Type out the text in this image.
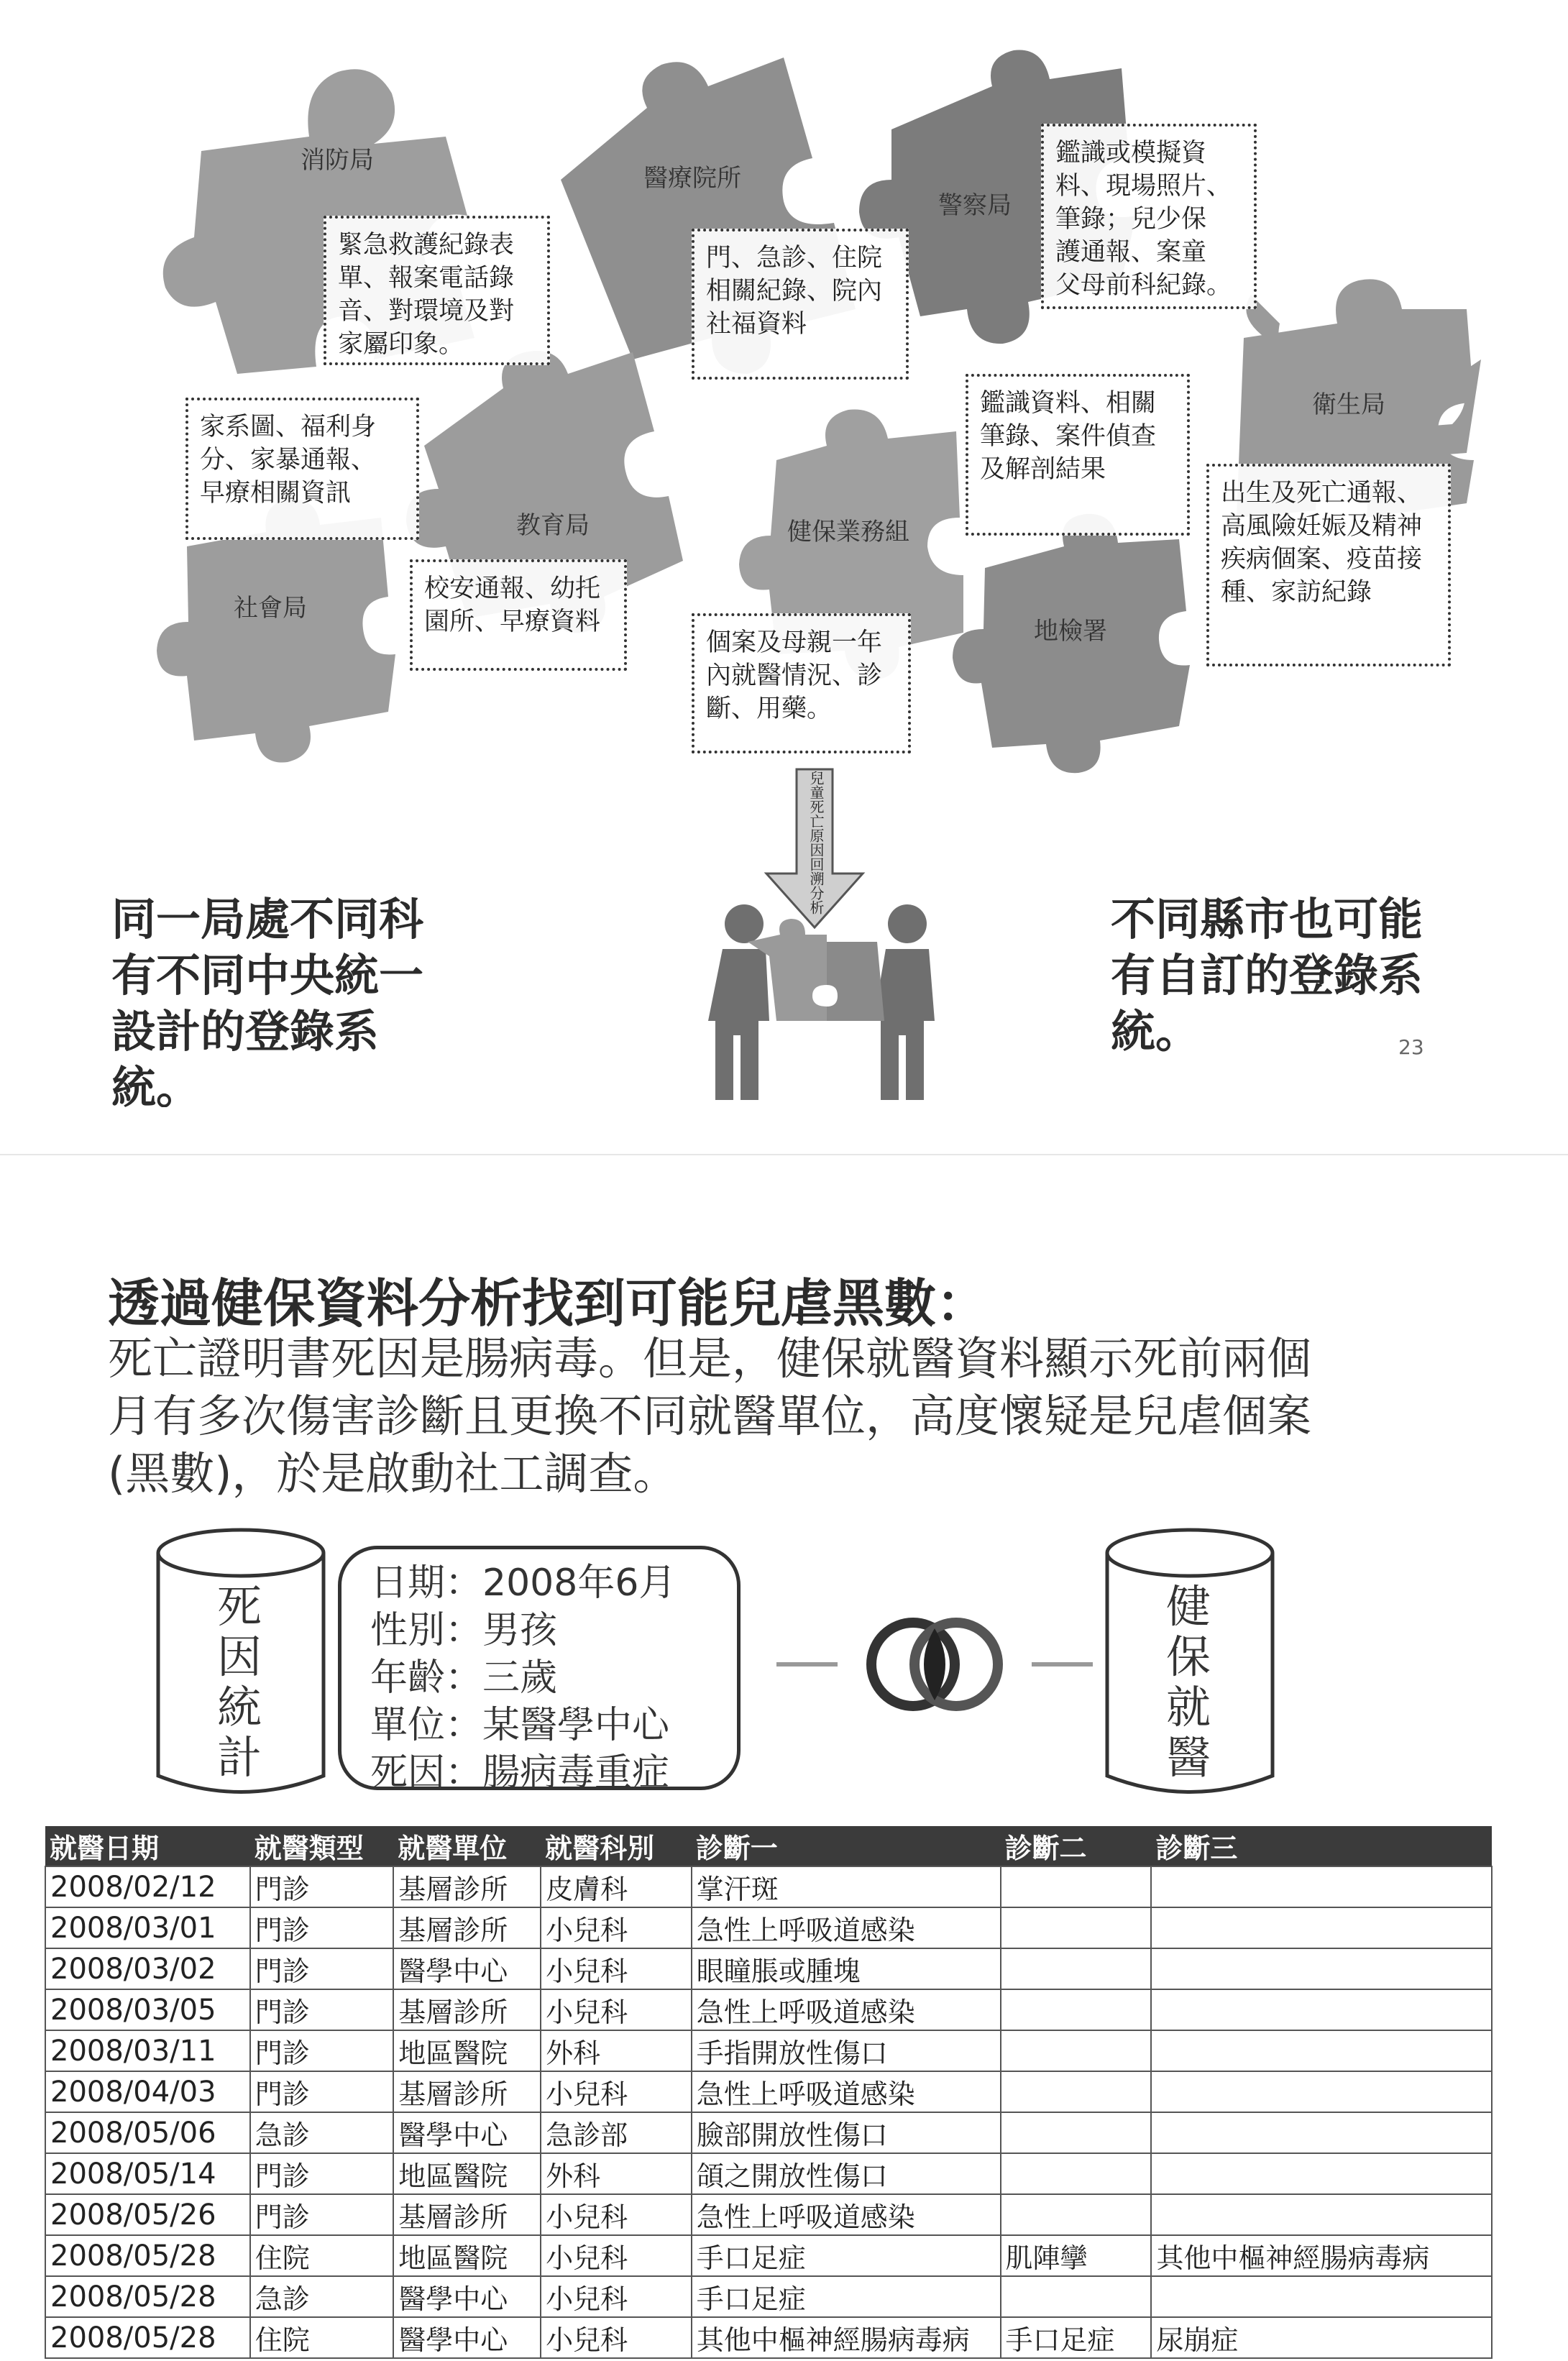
消防局
醫療院所
警察局
衛生局
教育局	健保業務組
社會局
地檢署
緊急救護紀錄表
單、報案電話錄
音、對環境及對
家屬印象。
門、急診、住院
相關紀錄、院內
社福資料
鑑識或模擬資
料、現場照片、
筆錄；兒少保
護通報、案童
父母前科紀錄。
家系圖、福利身
分、家暴通報、
早療相關資訊
校安通報、幼托
園所、早療資料
個案及母親一年
內就醫情況、診
斷、用藥。
鑑識資料、相關
筆錄、案件偵查
及解剖結果
出生及死亡通報、
高風險妊娠及精神
疾病個案、疫苗接
種、家訪紀錄
兒童死亡原因回溯分析
同一局處不同科
有不同中央統一
設計的登錄系
統。
不同縣市也可能
有自訂的登錄系
統。	23
透過健保資料分析找到可能兒虐黑數：
死亡證明書死因是腸病毒。但是，健保就醫資料顯示死前兩個
月有多次傷害診斷且更換不同就醫單位，高度懷疑是兒虐個案
(黑數)，於是啟動社工調查。
死
因
統
計
日期：2008年6月
性別：男孩
年齡：三歲
單位：某醫學中心
死因：腸病毒重症
健
保
就
醫
就醫日期	就醫類型	就醫單位	就醫科別	診斷一	診斷二	診斷三
2008/02/12	門診	基層診所	皮膚科	掌汗斑		
2008/03/01	門診	基層診所	小兒科	急性上呼吸道感染		
2008/03/02	門診	醫學中心	小兒科	眼瞳脹或腫塊		
2008/03/05	門診	基層診所	小兒科	急性上呼吸道感染		
2008/03/11	門診	地區醫院	外科	手指開放性傷口		
2008/04/03	門診	基層診所	小兒科	急性上呼吸道感染		
2008/05/06	急診	醫學中心	急診部	臉部開放性傷口		
2008/05/14	門診	地區醫院	外科	頜之開放性傷口		
2008/05/26	門診	基層診所	小兒科	急性上呼吸道感染		
2008/05/28	住院	地區醫院	小兒科	手口足症	肌陣攣	其他中樞神經腸病毒病
2008/05/28	急診	醫學中心	小兒科	手口足症		
2008/05/28	住院	醫學中心	小兒科	其他中樞神經腸病毒病	手口足症	尿崩症
